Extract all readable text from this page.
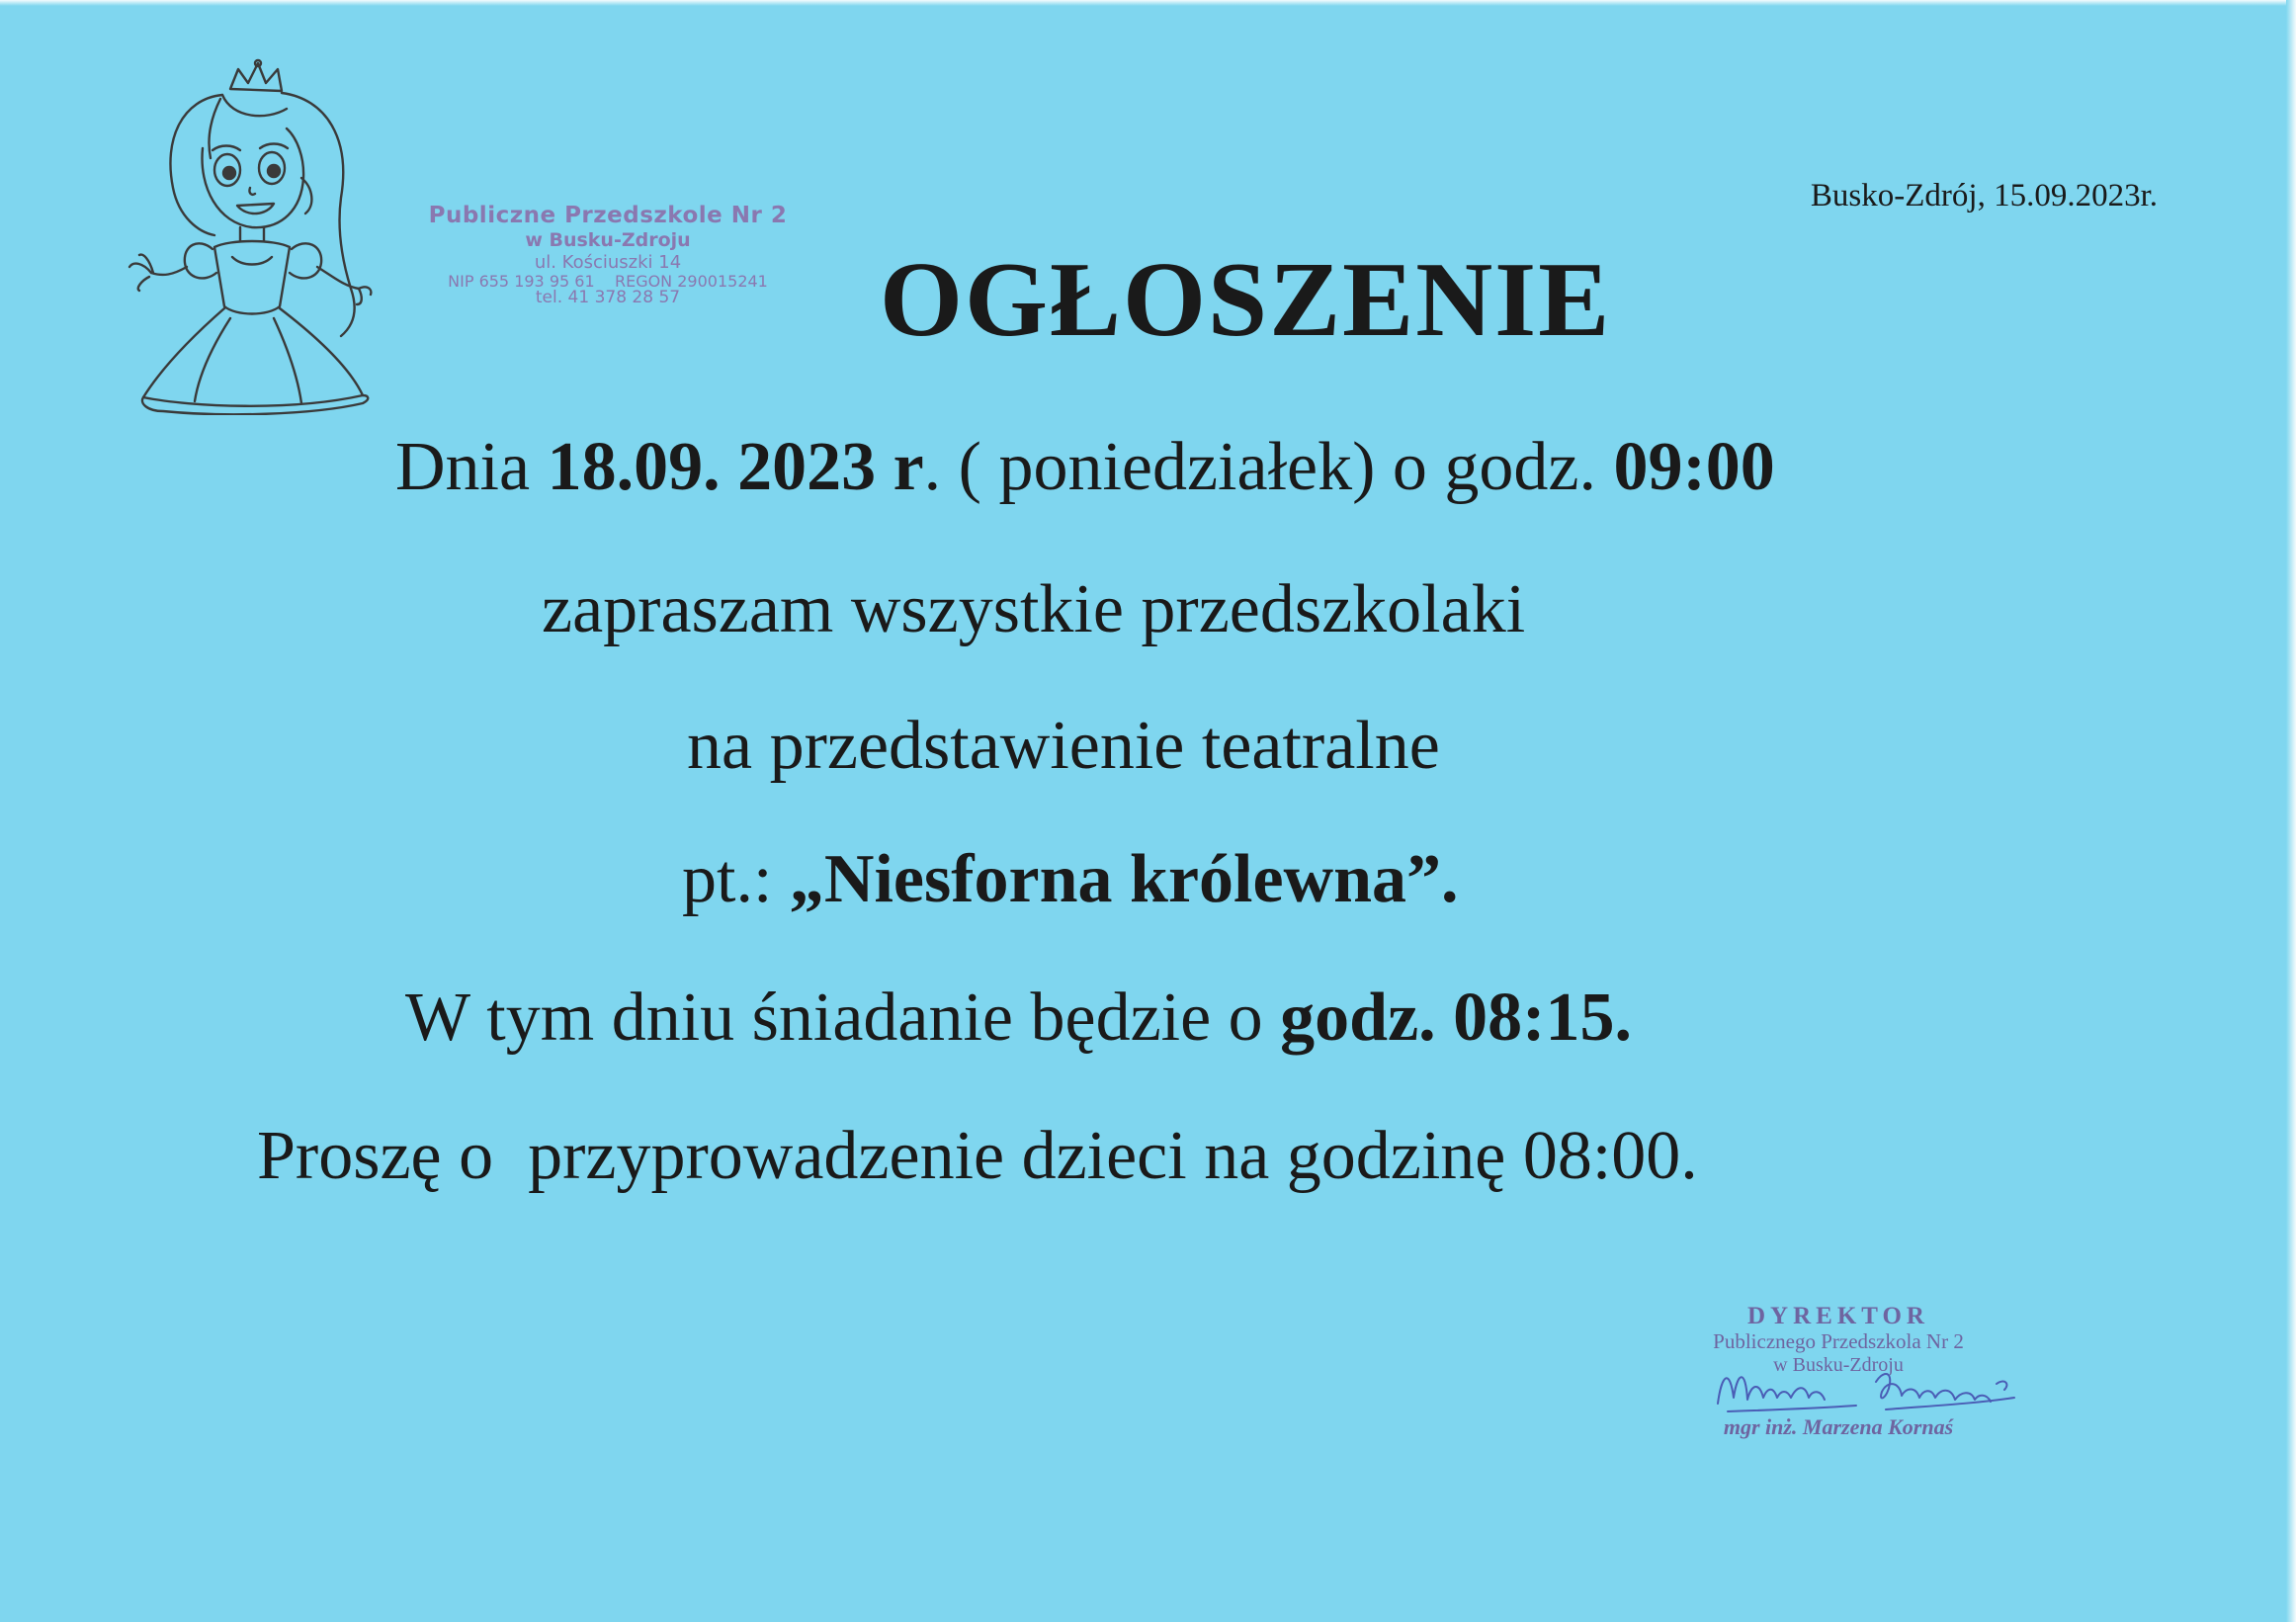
Publiczne Przedszkole Nr 2
w Busku-Zdroju
ul. Kościuszki 14
NIP 655 193 95 61    REGON 290015241
tel. 41 378 28 57
Busko-Zdrój, 15.09.2023r.
OGŁOSZENIE
Dnia 18.09. 2023 r. ( poniedziałek) o godz. 09:00
zapraszam wszystkie przedszkolaki
na przedstawienie teatralne
pt.: „Niesforna królewna”.
W tym dniu śniadanie będzie o godz. 08:15.
Proszę o  przyprowadzenie dzieci na godzinę 08:00.
DYREKTOR
Publicznego Przedszkola Nr 2
w Busku-Zdroju
mgr inż. Marzena Kornaś
